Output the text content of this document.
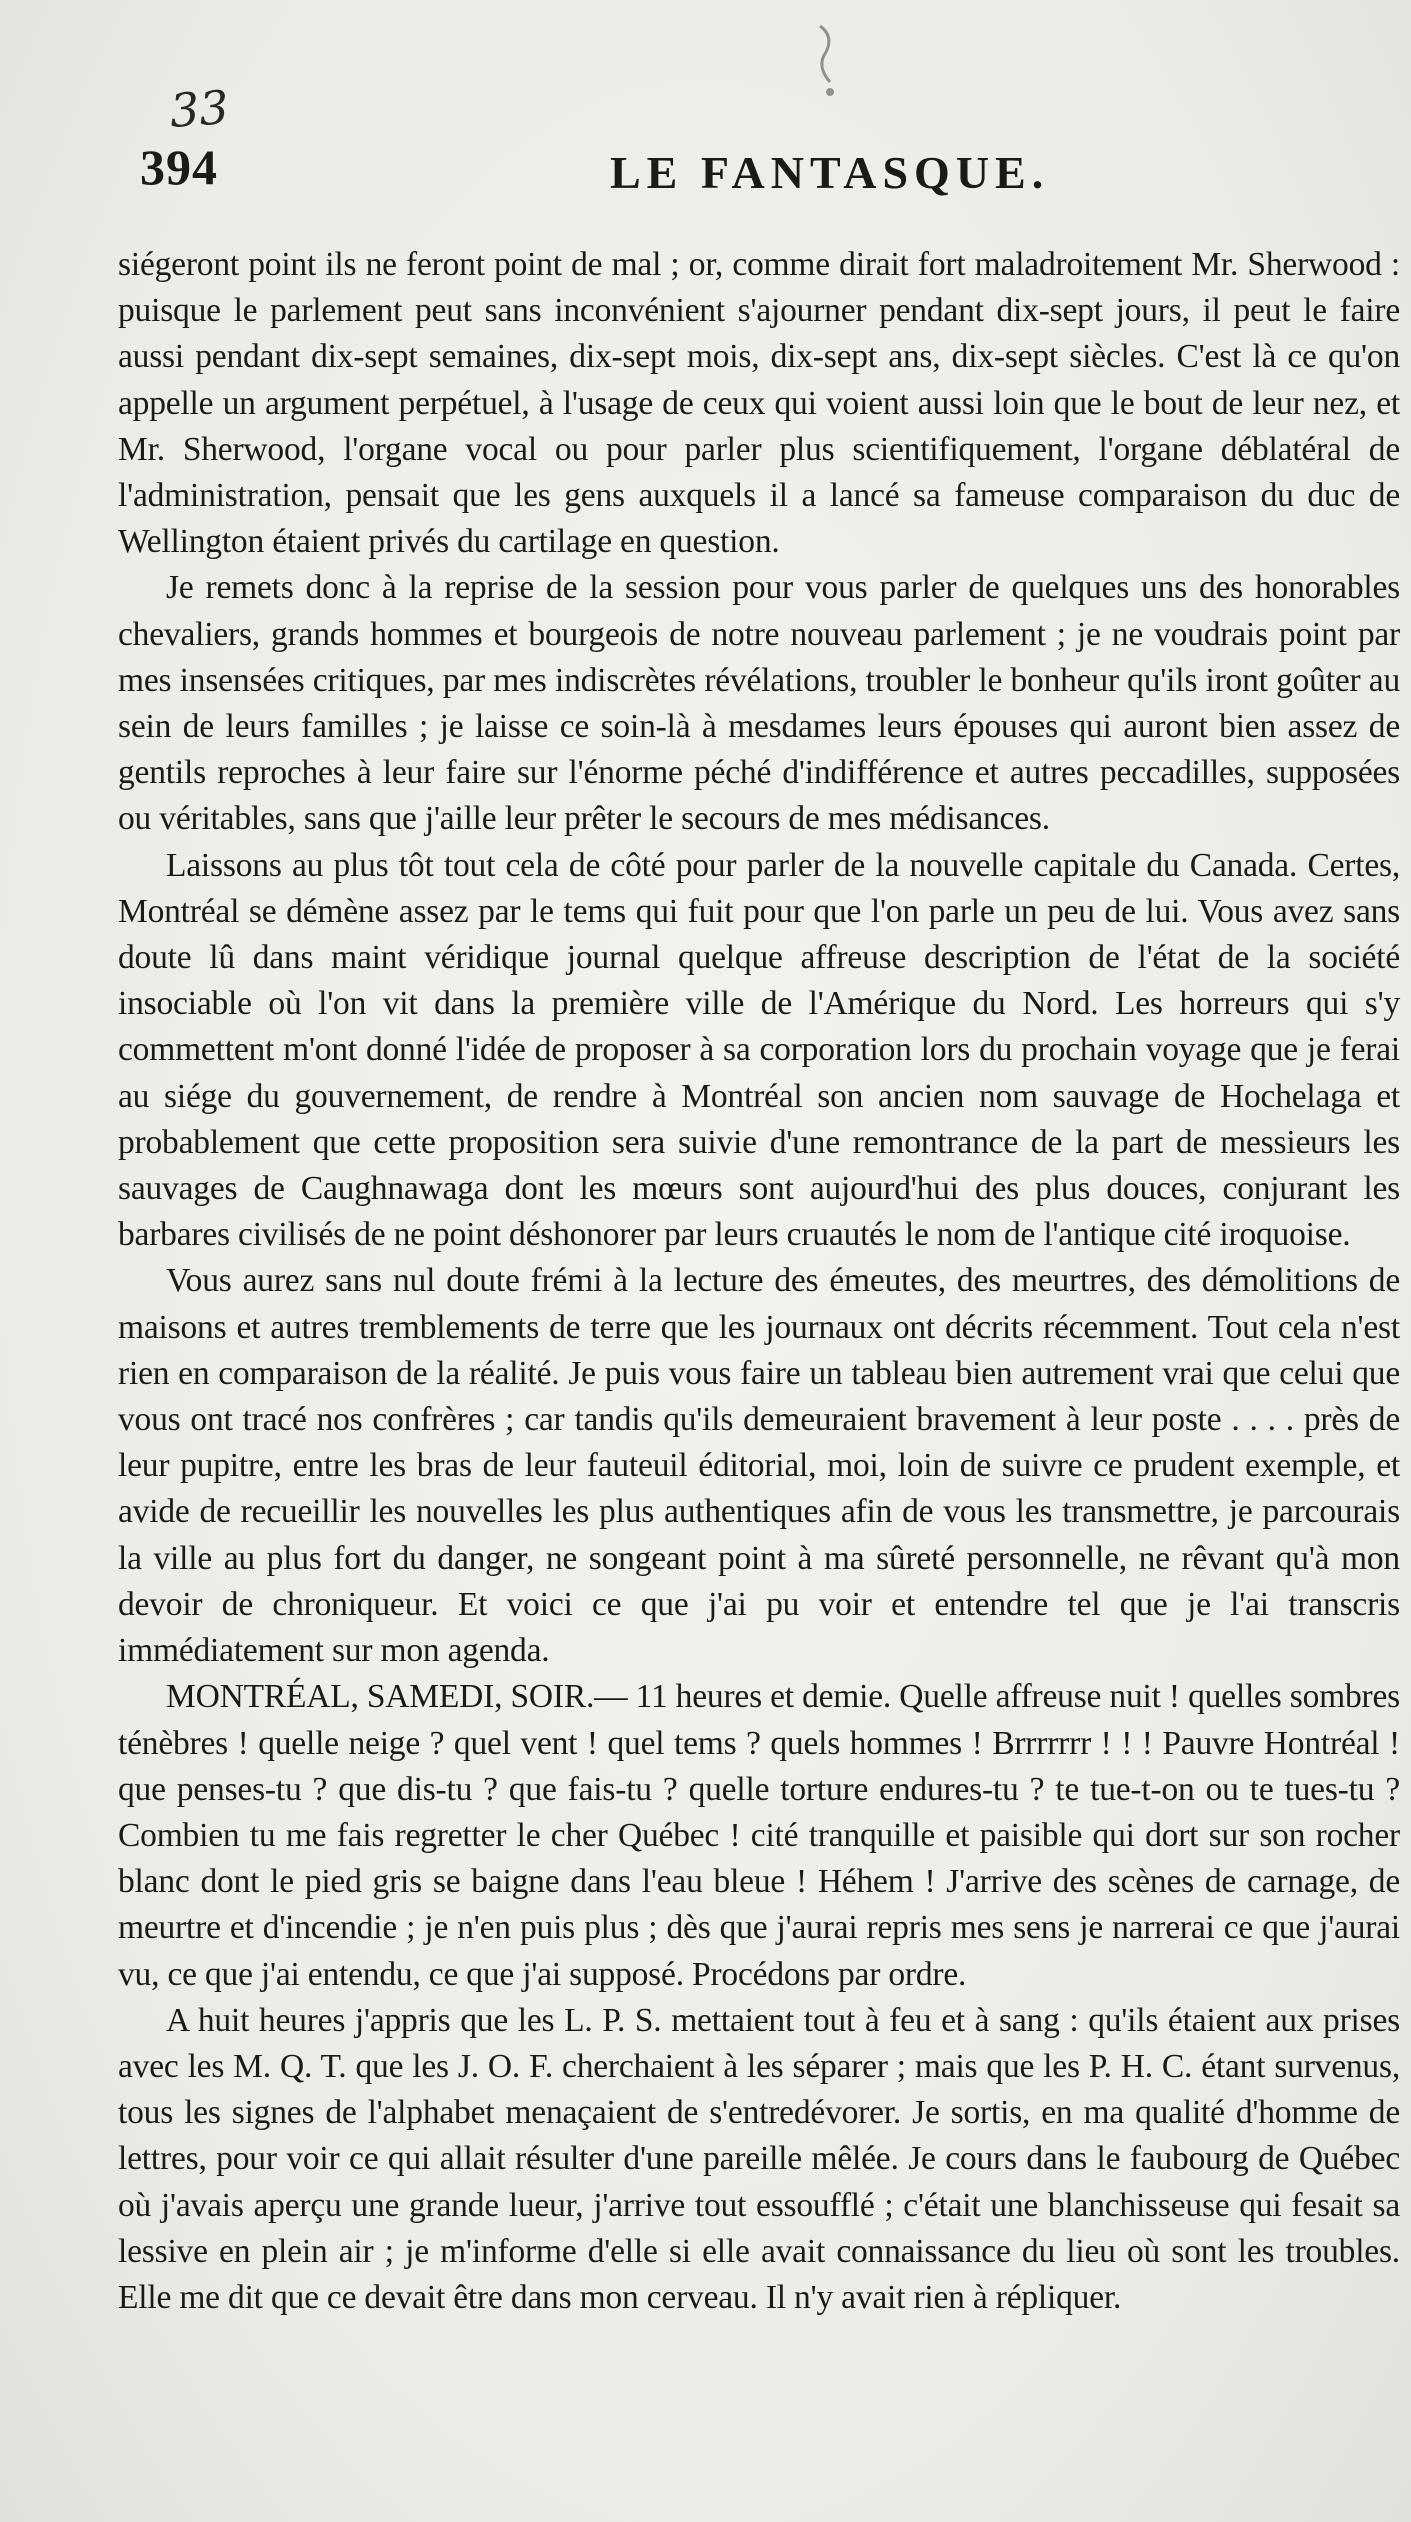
33
394	LE FANTASQUE.

siégeront point ils ne feront point de mal ; or, comme dirait fort maladroitement Mr. Sherwood : puisque le parlement peut sans inconvénient s'ajourner pendant dix-sept jours, il peut le faire aussi pendant dix-sept semaines, dix-sept mois, dix-sept ans, dix-sept siècles. C'est là ce qu'on appelle un argument perpétuel, à l'usage de ceux qui voient aussi loin que le bout de leur nez, et Mr. Sherwood, l'organe vocal ou pour parler plus scientifiquement, l'organe déblatéral de l'administration, pensait que les gens auxquels il a lancé sa fameuse comparaison du duc de Wellington étaient privés du cartilage en question.

Je remets donc à la reprise de la session pour vous parler de quelques uns des honorables chevaliers, grands hommes et bourgeois de notre nouveau parlement ; je ne voudrais point par mes insensées critiques, par mes indiscrètes révélations, troubler le bonheur qu'ils iront goûter au sein de leurs familles ; je laisse ce soin-là à mesdames leurs épouses qui auront bien assez de gentils reproches à leur faire sur l'énorme péché d'indifférence et autres peccadilles, supposées ou véritables, sans que j'aille leur prêter le secours de mes médisances.

Laissons au plus tôt tout cela de côté pour parler de la nouvelle capitale du Canada. Certes, Montréal se démène assez par le tems qui fuit pour que l'on parle un peu de lui. Vous avez sans doute lû dans maint véridique journal quelque affreuse description de l'état de la société insociable où l'on vit dans la première ville de l'Amérique du Nord. Les horreurs qui s'y commettent m'ont donné l'idée de proposer à sa corporation lors du prochain voyage que je ferai au siége du gouvernement, de rendre à Montréal son ancien nom sauvage de Hochelaga et probablement que cette proposition sera suivie d'une remontrance de la part de messieurs les sauvages de Caughnawaga dont les mœurs sont aujourd'hui des plus douces, conjurant les barbares civilisés de ne point déshonorer par leurs cruautés le nom de l'antique cité iroquoise.

Vous aurez sans nul doute frémi à la lecture des émeutes, des meurtres, des démolitions de maisons et autres tremblements de terre que les journaux ont décrits récemment. Tout cela n'est rien en comparaison de la réalité. Je puis vous faire un tableau bien autrement vrai que celui que vous ont tracé nos confrères ; car tandis qu'ils demeuraient bravement à leur poste . . . . près de leur pupitre, entre les bras de leur fauteuil éditorial, moi, loin de suivre ce prudent exemple, et avide de recueillir les nouvelles les plus authentiques afin de vous les transmettre, je parcourais la ville au plus fort du danger, ne songeant point à ma sûreté personnelle, ne rêvant qu'à mon devoir de chroniqueur. Et voici ce que j'ai pu voir et entendre tel que je l'ai transcris immédiatement sur mon agenda.

MONTRÉAL, SAMEDI, SOIR.— 11 heures et demie. Quelle affreuse nuit ! quelles sombres ténèbres ! quelle neige ? quel vent ! quel tems ? quels hommes ! Brrrrrrr ! ! ! Pauvre Hontréal ! que penses-tu ? que dis-tu ? que fais-tu ? quelle torture endures-tu ? te tue-t-on ou te tues-tu ? Combien tu me fais regretter le cher Québec ! cité tranquille et paisible qui dort sur son rocher blanc dont le pied gris se baigne dans l'eau bleue ! Héhem ! J'arrive des scènes de carnage, de meurtre et d'incendie ; je n'en puis plus ; dès que j'aurai repris mes sens je narrerai ce que j'aurai vu, ce que j'ai entendu, ce que j'ai supposé. Procédons par ordre.

A huit heures j'appris que les L. P. S. mettaient tout à feu et à sang : qu'ils étaient aux prises avec les M. Q. T. que les J. O. F. cherchaient à les séparer ; mais que les P. H. C. étant survenus, tous les signes de l'alphabet menaçaient de s'entredévorer. Je sortis, en ma qualité d'homme de lettres, pour voir ce qui allait résulter d'une pareille mêlée. Je cours dans le faubourg de Québec où j'avais aperçu une grande lueur, j'arrive tout essoufflé ; c'était une blanchisseuse qui fesait sa lessive en plein air ; je m'informe d'elle si elle avait connaissance du lieu où sont les troubles. Elle me dit que ce devait être dans mon cerveau. Il n'y avait rien à répliquer.
